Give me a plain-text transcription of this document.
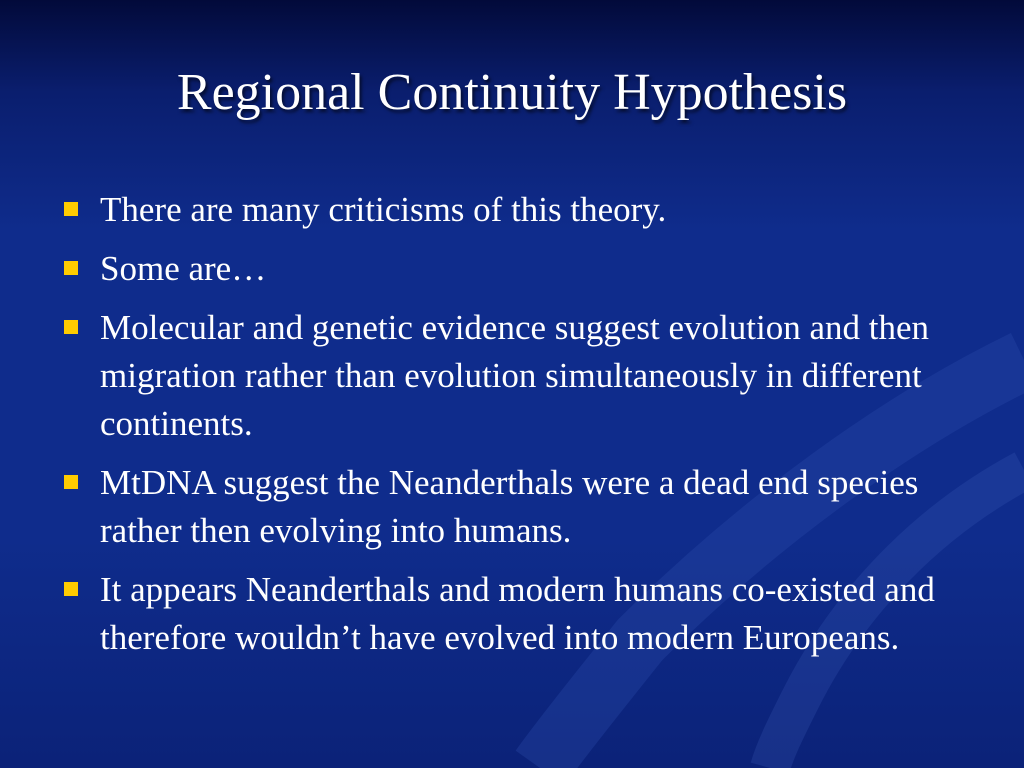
Regional Continuity Hypothesis
There are many criticisms of this theory.
Some are…
Molecular and genetic evidence suggest evolution and then migration rather than evolution simultaneously in different continents.
MtDNA suggest the Neanderthals were a dead end species rather then evolving into humans.
It appears Neanderthals and modern humans co-existed and therefore wouldn’t have evolved into modern Europeans.
